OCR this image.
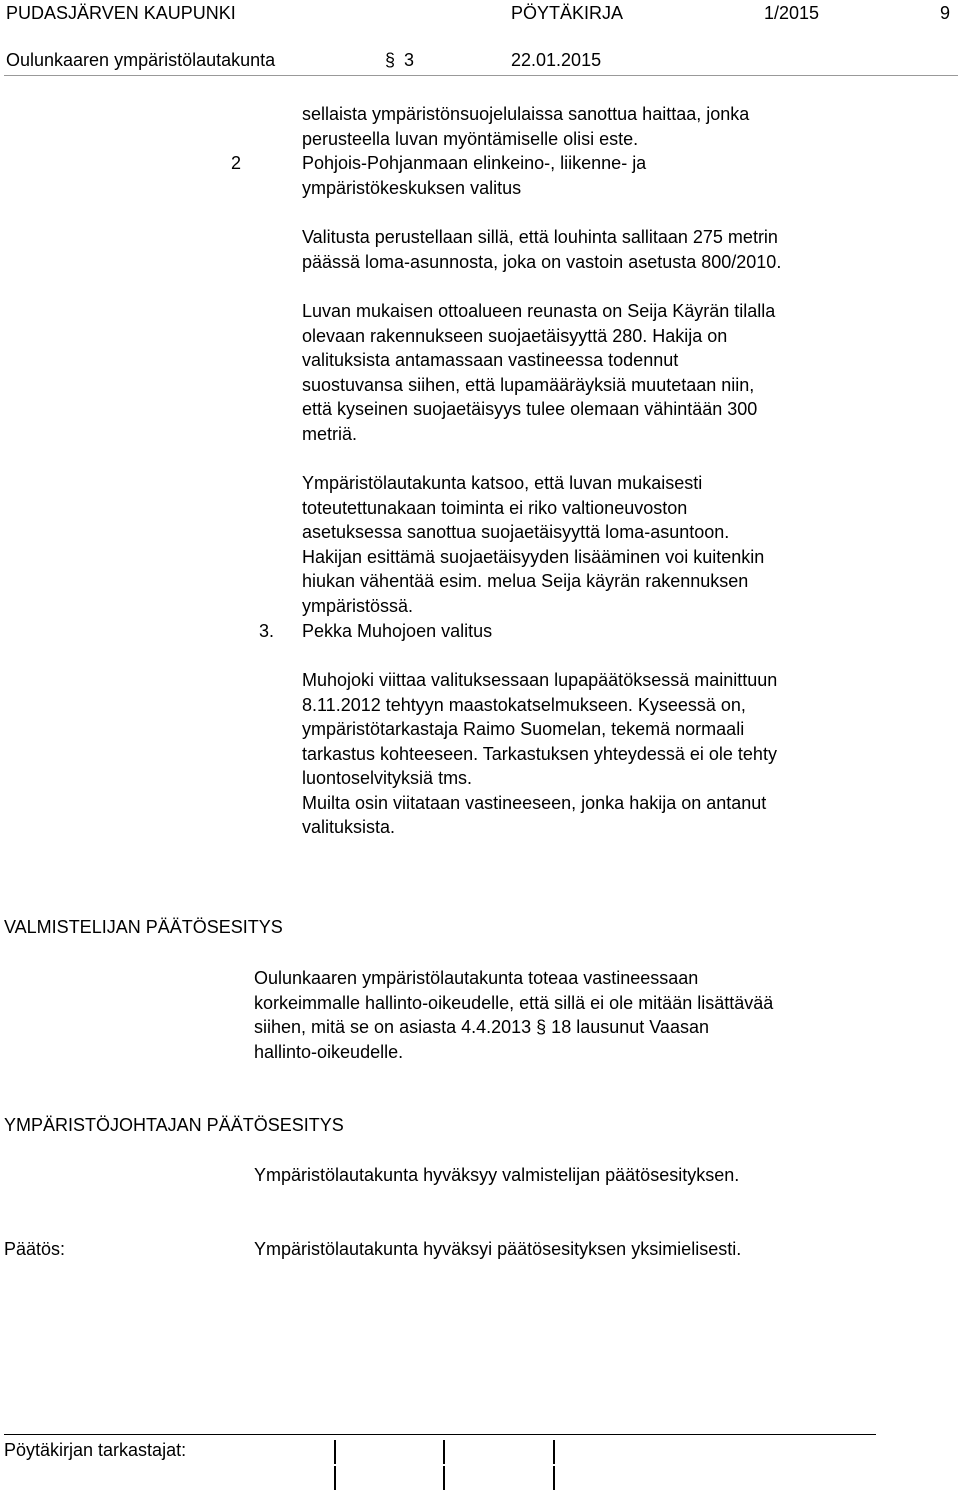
PUDASJÄRVEN KAUPUNKI	PÖYTÄKIRJA	1/2015	9
Oulunkaaren ympäristölautakunta	§ 3	22.01.2015
sellaista ympäristönsuojelulaissa sanottua haittaa, jonka
perusteella luvan myöntämiselle olisi este.
2	Pohjois-Pohjanmaan elinkeino-, liikenne- ja
ympäristökeskuksen valitus
Valitusta perustellaan sillä, että louhinta sallitaan 275 metrin
päässä loma-asunnosta, joka on vastoin asetusta 800/2010.
Luvan mukaisen ottoalueen reunasta on Seija Käyrän tilalla
olevaan rakennukseen suojaetäisyyttä 280. Hakija on
valituksista antamassaan vastineessa todennut
suostuvansa siihen, että lupamääräyksiä muutetaan niin,
että kyseinen suojaetäisyys tulee olemaan vähintään 300
metriä.
Ympäristölautakunta katsoo, että luvan mukaisesti
toteutettunakaan toiminta ei riko valtioneuvoston
asetuksessa sanottua suojaetäisyyttä loma-asuntoon.
Hakijan esittämä suojaetäisyyden lisääminen voi kuitenkin
hiukan vähentää esim. melua Seija käyrän rakennuksen
ympäristössä.
3. Pekka Muhojoen valitus
Muhojoki viittaa valituksessaan lupapäätöksessä mainittuun
8.11.2012 tehtyyn maastokatselmukseen. Kyseessä on,
ympäristötarkastaja Raimo Suomelan, tekemä normaali
tarkastus kohteeseen. Tarkastuksen yhteydessä ei ole tehty
luontoselvityksiä tms.
Muilta osin viitataan vastineeseen, jonka hakija on antanut
valituksista.
VALMISTELIJAN PÄÄTÖSESITYS
Oulunkaaren ympäristölautakunta toteaa vastineessaan
korkeimmalle hallinto-oikeudelle, että sillä ei ole mitään lisättävää
siihen, mitä se on asiasta 4.4.2013 § 18 lausunut Vaasan
hallinto-oikeudelle.
YMPÄRISTÖJOHTAJAN PÄÄTÖSESITYS
Ympäristölautakunta hyväksyy valmistelijan päätösesityksen.
Päätös:	Ympäristölautakunta hyväksyi päätösesityksen yksimielisesti.
Pöytäkirjan tarkastajat:
